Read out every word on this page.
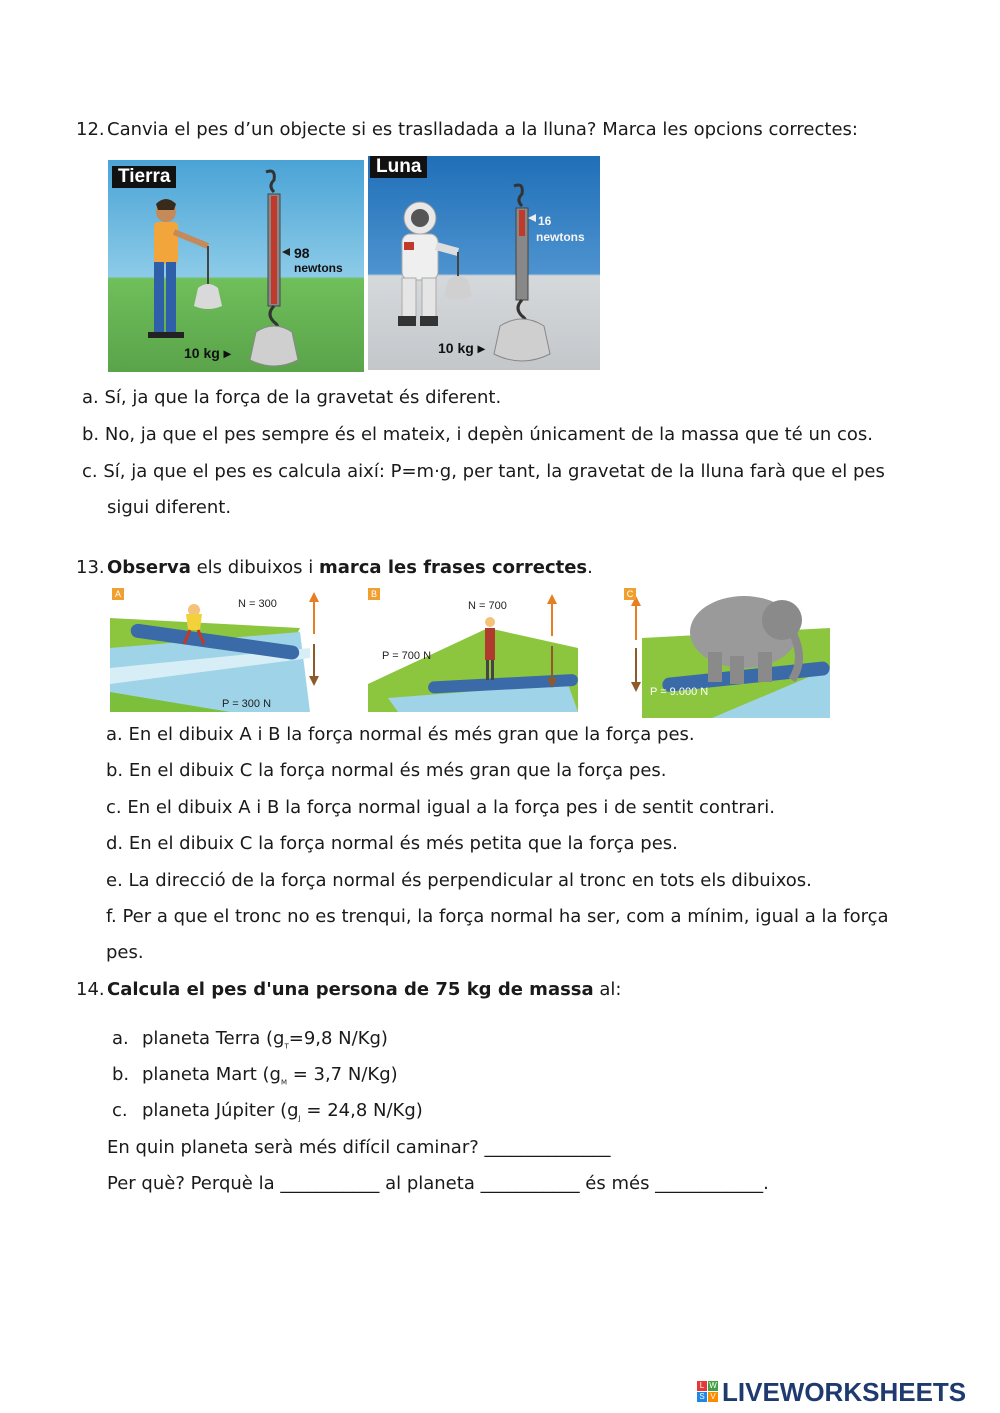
12. Canvia el pes d’un objecte si es traslladada a la lluna? Marca les opcions correctes:
Tierra
98
newtons
10 kg ▸
Luna
16
newtons
10 kg ▸
a. Sí, ja que la força de la gravetat és diferent.
b. No, ja que el pes sempre és el mateix, i depèn únicament de la massa que té un cos.
c. Sí, ja que el pes es calcula així: P=m·g, per tant, la gravetat de la lluna farà que el pes
sigui diferent.
13. Observa els dibuixos i marca les frases correctes.
A
N = 300
P = 300 N
B
N = 700
P = 700 N
C
P = 9.000 N
a. En el dibuix A i B la força normal és més gran que la força pes.
b. En el dibuix C la força normal és més gran que la força pes.
c. En el dibuix A i B la força normal igual a la força pes i de sentit contrari.
d. En el dibuix C la força normal és més petita que la força pes.
e. La direcció de la força normal és perpendicular al tronc en tots els dibuixos.
f. Per a que el tronc no es trenqui, la força normal ha ser, com a mínim, igual a la força
pes.
14. Calcula el pes d'una persona de 75 kg de massa al:
a. planeta Terra ($g_T=9,8$ N/Kg)
b. planeta Mart ($g_M = 3,7$ N/Kg)
c. planeta Júpiter ($g_J = 24,8$ N/Kg)
En quin planeta serà més difícil caminar? ______________
Per què? Perquè la ___________ al planeta ___________ és més ____________.
L W
S V LIVEWORKSHEETS
